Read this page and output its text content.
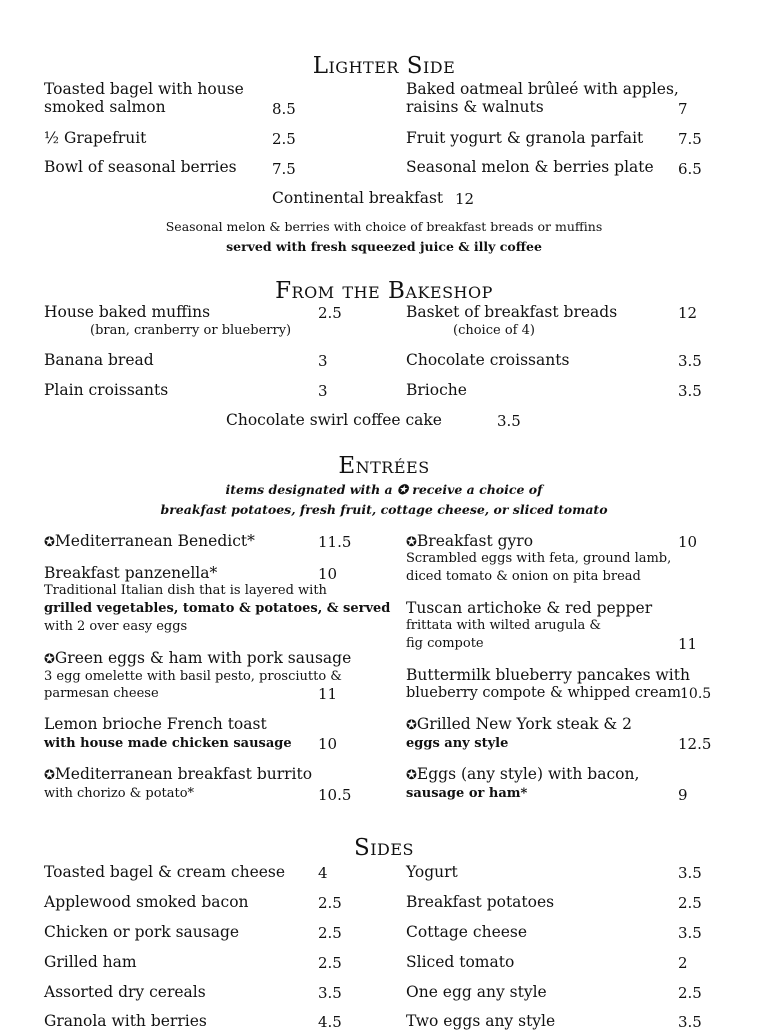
Lighter Side
Toasted bagel with house
smoked salmon	8.5
½ Grapefruit	2.5
Bowl of seasonal berries 7.5
Baked oatmeal brûleé with apples,
raisins & walnuts	7
Fruit yogurt & granola parfait 7.5
Seasonal melon & berries plate 6.5
Continental breakfast 12
Seasonal melon & berries with choice of breakfast breads or muffins
served with fresh squeezed juice & illy coffee
From the Bakeshop
House baked muffins
(bran, cranberry or blueberry)
2.5
Banana bread	3
Plain croissants	3
Basket of breakfast breads
(choice of 4)
12
Chocolate croissants	3.5
Brioche	3.5
Chocolate swirl coffee cake	3.5
Entrées
items designated with a ✪ receive a choice of
breakfast potatoes, fresh fruit, cottage cheese, or sliced tomato
✪Mediterranean Benedict*	11.5
Breakfast panzenella*	10
Traditional Italian dish that is layered with
grilled vegetables, tomato & potatoes, & served
with 2 over easy eggs
✪Green eggs & ham with pork sausage
3 egg omelette with basil pesto, prosciutto &
parmesan cheese	11
Lemon brioche French toast
with house made chicken sausage 10
✪Mediterranean breakfast burrito
with chorizo & potato*	10.5
✪Breakfast gyro	10
Scrambled eggs with feta, ground lamb,
diced tomato & onion on pita bread
Tuscan artichoke & red pepper
frittata with wilted arugula &
fig compote	11
Buttermilk blueberry pancakes with
blueberry compote & whipped cream 10.5
✪Grilled New York steak & 2
eggs any style	12.5
✪Eggs (any style) with bacon,
sausage or ham*	9
Sides
Toasted bagel & cream cheese 4
Applewood smoked bacon	2.5
Chicken or pork sausage	2.5
Grilled ham	2.5
Assorted dry cereals	3.5
Granola with berries	4.5
Yogurt	3.5
Breakfast potatoes	2.5
Cottage cheese	3.5
Sliced tomato	2
One egg any style	2.5
Two eggs any style	3.5
